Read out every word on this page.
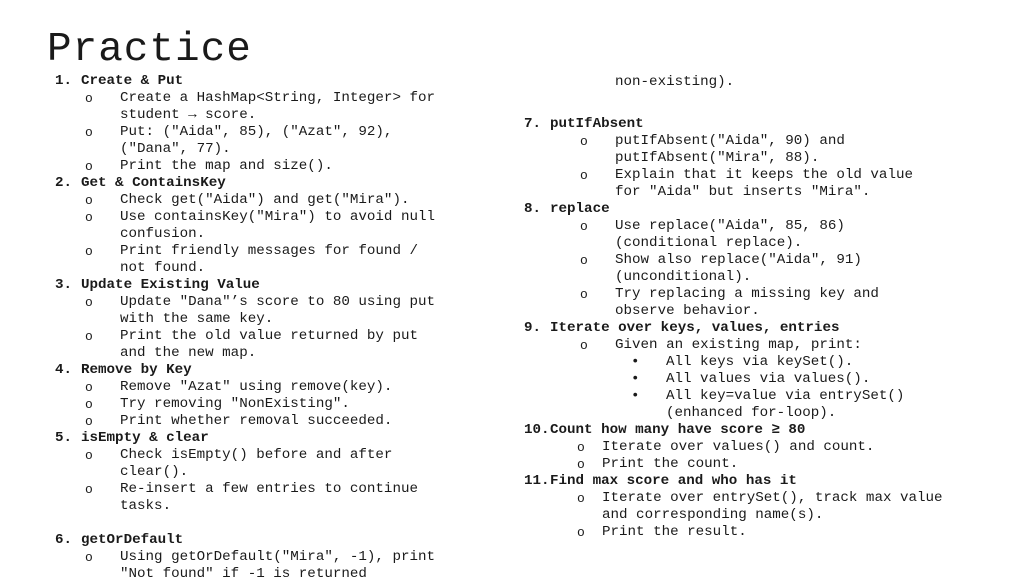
Practice
1. Create & Put
o Create a HashMap<String, Integer> for
student → score.
o Put: ("Aida", 85), ("Azat", 92),
("Dana", 77).
o Print the map and size().
2. Get & ContainsKey
o Check get("Aida") and get("Mira").
o Use containsKey("Mira") to avoid null
confusion.
o Print friendly messages for found /
not found.
3. Update Existing Value
o Update "Dana"’s score to 80 using put
with the same key.
o Print the old value returned by put
and the new map.
4. Remove by Key
o Remove "Azat" using remove(key).
o Try removing "NonExisting".
o Print whether removal succeeded.
5. isEmpty & clear
o Check isEmpty() before and after
clear().
o Re-insert a few entries to continue
tasks.
6. getOrDefault
o Using getOrDefault("Mira", -1), print
"Not found" if -1 is returned
non-existing).
7. putIfAbsent
o putIfAbsent("Aida", 90) and
putIfAbsent("Mira", 88).
o Explain that it keeps the old value
for "Aida" but inserts "Mira".
8. replace
o Use replace("Aida", 85, 86)
(conditional replace).
o Show also replace("Aida", 91)
(unconditional).
o Try replacing a missing key and
observe behavior.
9. Iterate over keys, values, entries
o Given an existing map, print:
• All keys via keySet().
• All values via values().
• All key=value via entrySet()
(enhanced for-loop).
10. Count how many have score ≥ 80
o Iterate over values() and count.
o Print the count.
11. Find max score and who has it
o Iterate over entrySet(), track max value
and corresponding name(s).
o Print the result.
